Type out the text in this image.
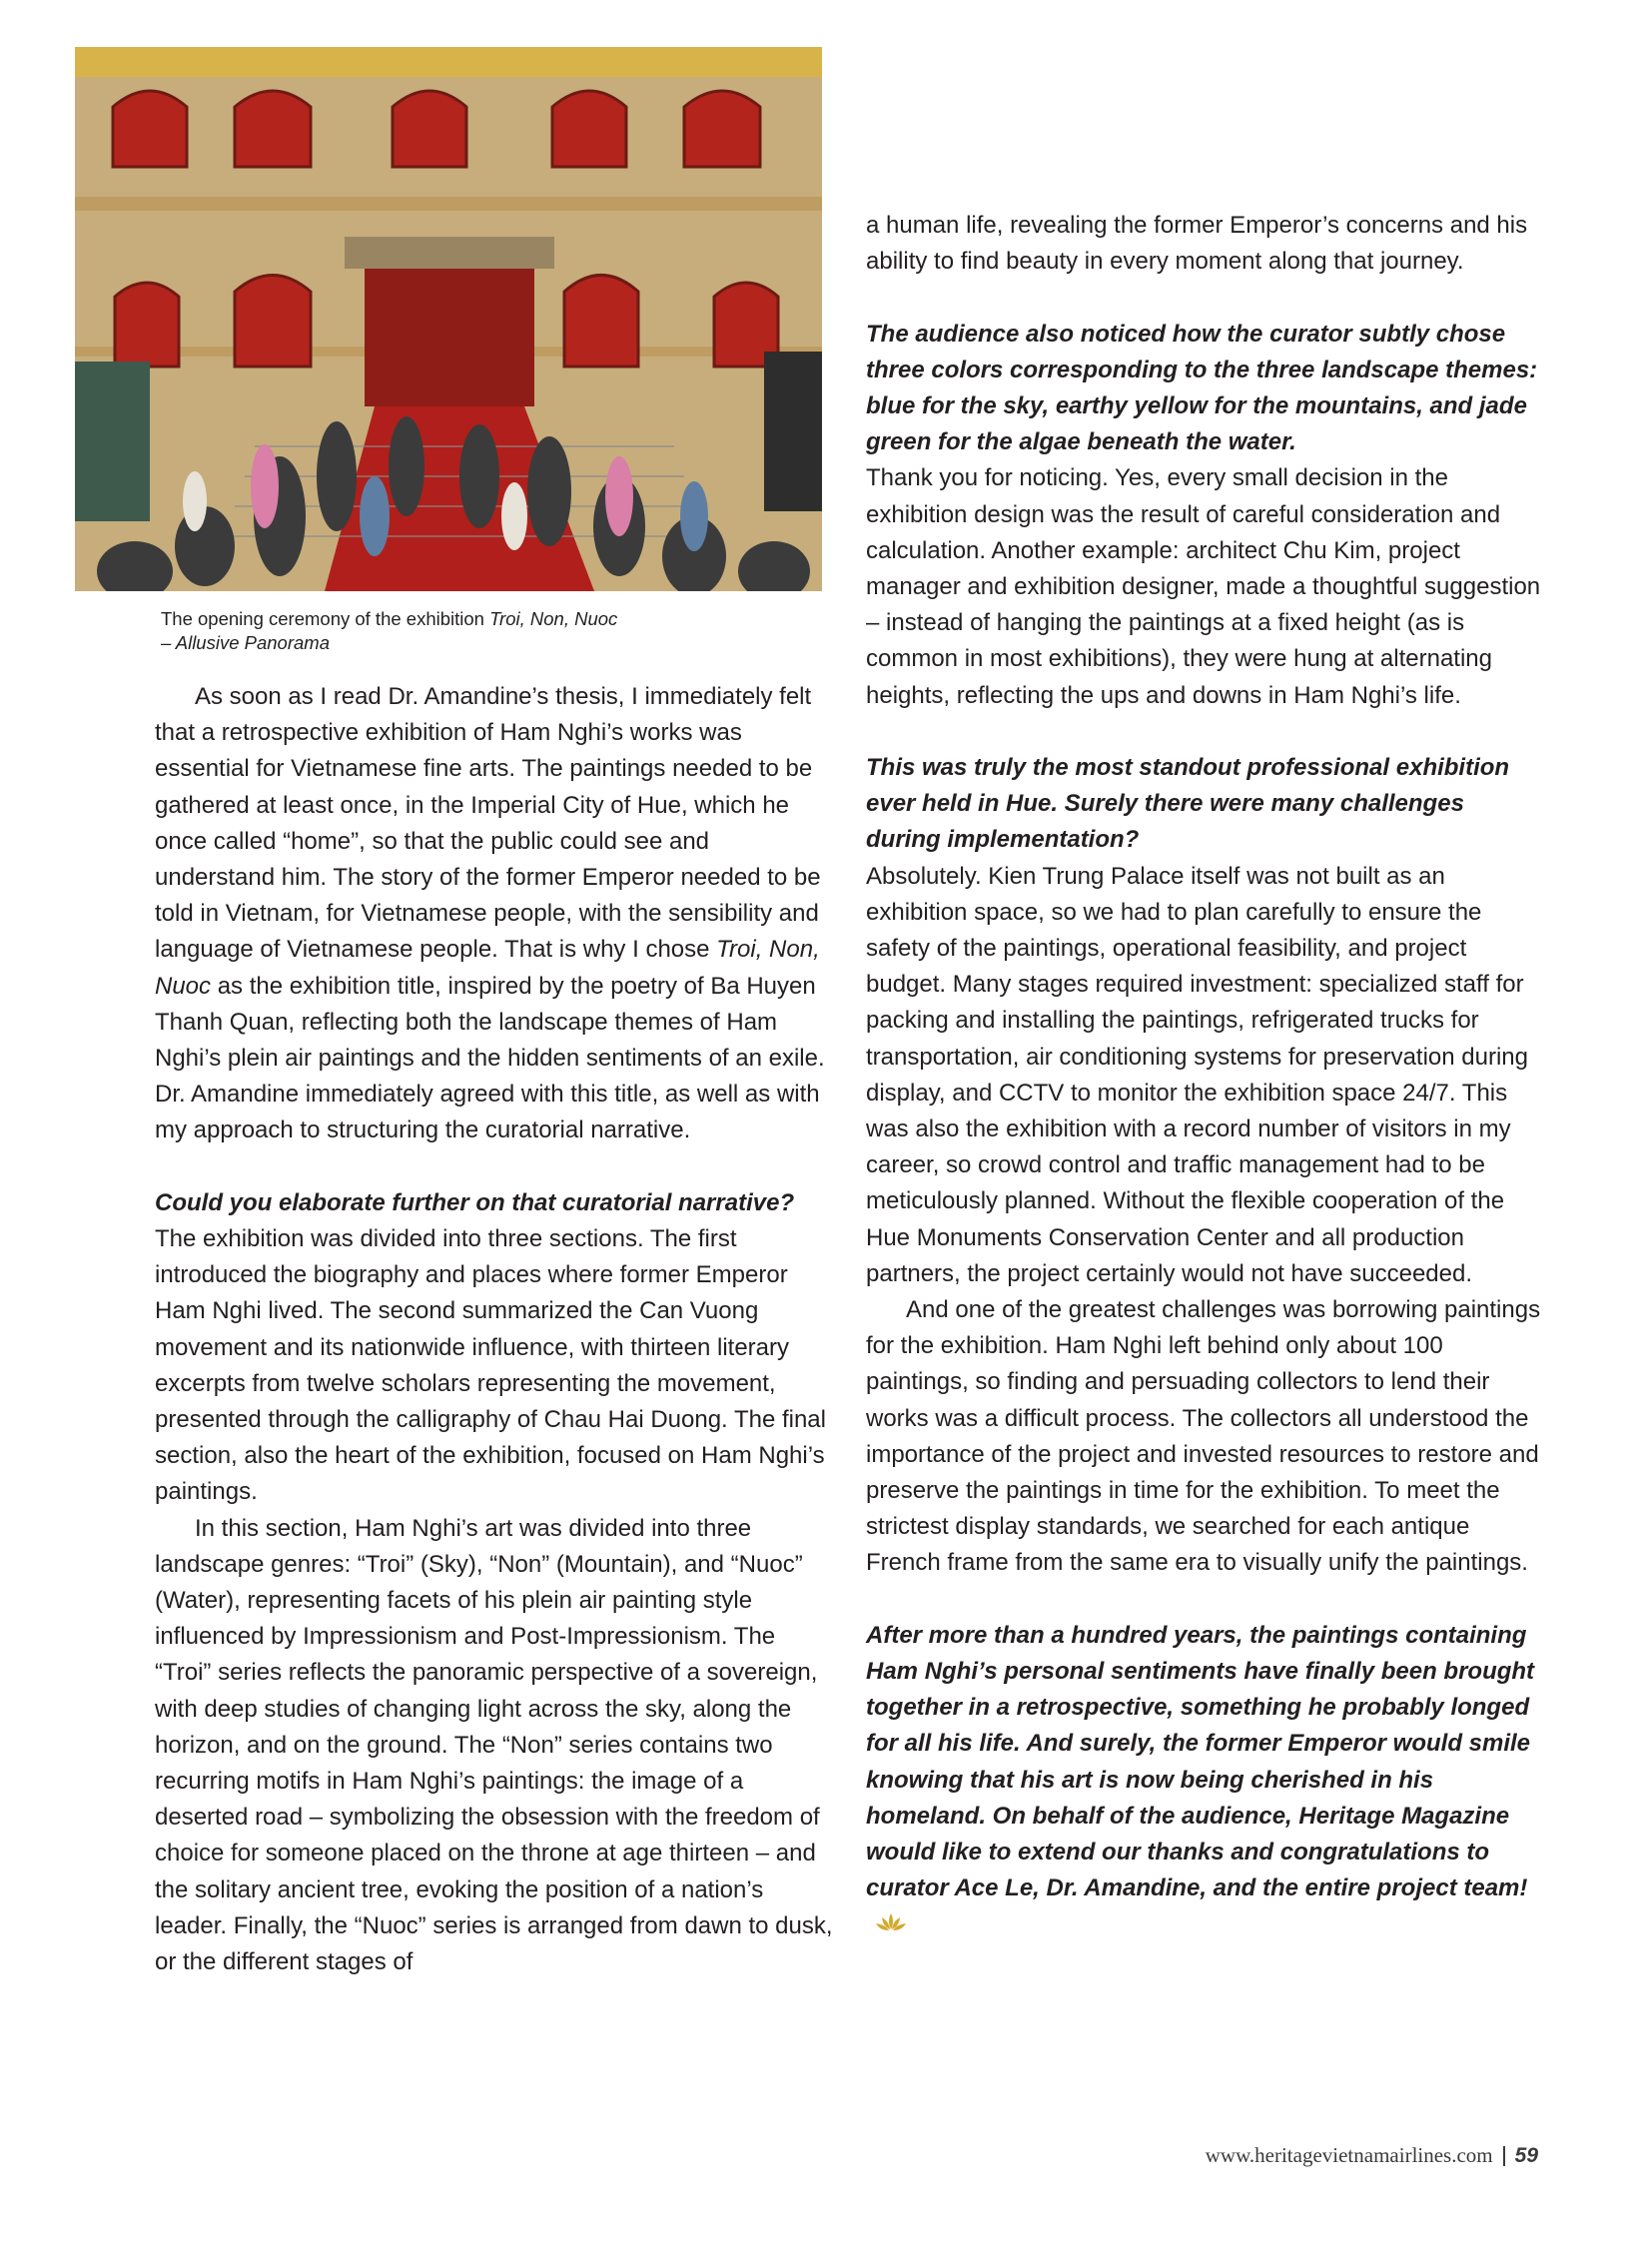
The opening ceremony of the exhibition Troi, Non, Nuoc
– Allusive Panorama

As soon as I read Dr. Amandine’s thesis, I immediately felt that a retrospective exhibition of Ham Nghi’s works was essential for Vietnamese fine arts. The paintings needed to be gathered at least once, in the Imperial City of Hue, which he once called “home”, so that the public could see and understand him. The story of the former Emperor needed to be told in Vietnam, for Vietnamese people, with the sensibility and language of Vietnamese people. That is why I chose Troi, Non, Nuoc as the exhibition title, inspired by the poetry of Ba Huyen Thanh Quan, reflecting both the landscape themes of Ham Nghi’s plein air paintings and the hidden sentiments of an exile. Dr. Amandine immediately agreed with this title, as well as with my approach to structuring the curatorial narrative.

Could you elaborate further on that curatorial narrative?

The exhibition was divided into three sections. The first introduced the biography and places where former Emperor Ham Nghi lived. The second summarized the Can Vuong movement and its nationwide influence, with thirteen literary excerpts from twelve scholars representing the movement, presented through the calligraphy of Chau Hai Duong. The final section, also the heart of the exhibition, focused on Ham Nghi’s paintings.

In this section, Ham Nghi’s art was divided into three landscape genres: “Troi” (Sky), “Non” (Mountain), and “Nuoc” (Water), representing facets of his plein air painting style influenced by Impressionism and Post-Impressionism. The “Troi” series reflects the panoramic perspective of a sovereign, with deep studies of changing light across the sky, along the horizon, and on the ground. The “Non” series contains two recurring motifs in Ham Nghi’s paintings: the image of a deserted road – symbolizing the obsession with the freedom of choice for someone placed on the throne at age thirteen – and the solitary ancient tree, evoking the position of a nation’s leader. Finally, the “Nuoc” series is arranged from dawn to dusk, or the different stages of

a human life, revealing the former Emperor’s concerns and his ability to find beauty in every moment along that journey.

The audience also noticed how the curator subtly chose three colors corresponding to the three landscape themes: blue for the sky, earthy yellow for the mountains, and jade green for the algae beneath the water.

Thank you for noticing. Yes, every small decision in the exhibition design was the result of careful consideration and calculation. Another example: architect Chu Kim, project manager and exhibition designer, made a thoughtful suggestion – instead of hanging the paintings at a fixed height (as is common in most exhibitions), they were hung at alternating heights, reflecting the ups and downs in Ham Nghi’s life.

This was truly the most standout professional exhibition ever held in Hue. Surely there were many challenges during implementation?

Absolutely. Kien Trung Palace itself was not built as an exhibition space, so we had to plan carefully to ensure the safety of the paintings, operational feasibility, and project budget. Many stages required investment: specialized staff for packing and installing the paintings, refrigerated trucks for transportation, air conditioning systems for preservation during display, and CCTV to monitor the exhibition space 24/7. This was also the exhibition with a record number of visitors in my career, so crowd control and traffic management had to be meticulously planned. Without the flexible cooperation of the Hue Monuments Conservation Center and all production partners, the project certainly would not have succeeded.

And one of the greatest challenges was borrowing paintings for the exhibition. Ham Nghi left behind only about 100 paintings, so finding and persuading collectors to lend their works was a difficult process. The collectors all understood the importance of the project and invested resources to restore and preserve the paintings in time for the exhibition. To meet the strictest display standards, we searched for each antique French frame from the same era to visually unify the paintings.

After more than a hundred years, the paintings containing Ham Nghi’s personal sentiments have finally been brought together in a retrospective, something he probably longed for all his life. And surely, the former Emperor would smile knowing that his art is now being cherished in his homeland. On behalf of the audience, Heritage Magazine would like to extend our thanks and congratulations to curator Ace Le, Dr. Amandine, and the entire project team!

www.heritagevietnamairlines.com 59
